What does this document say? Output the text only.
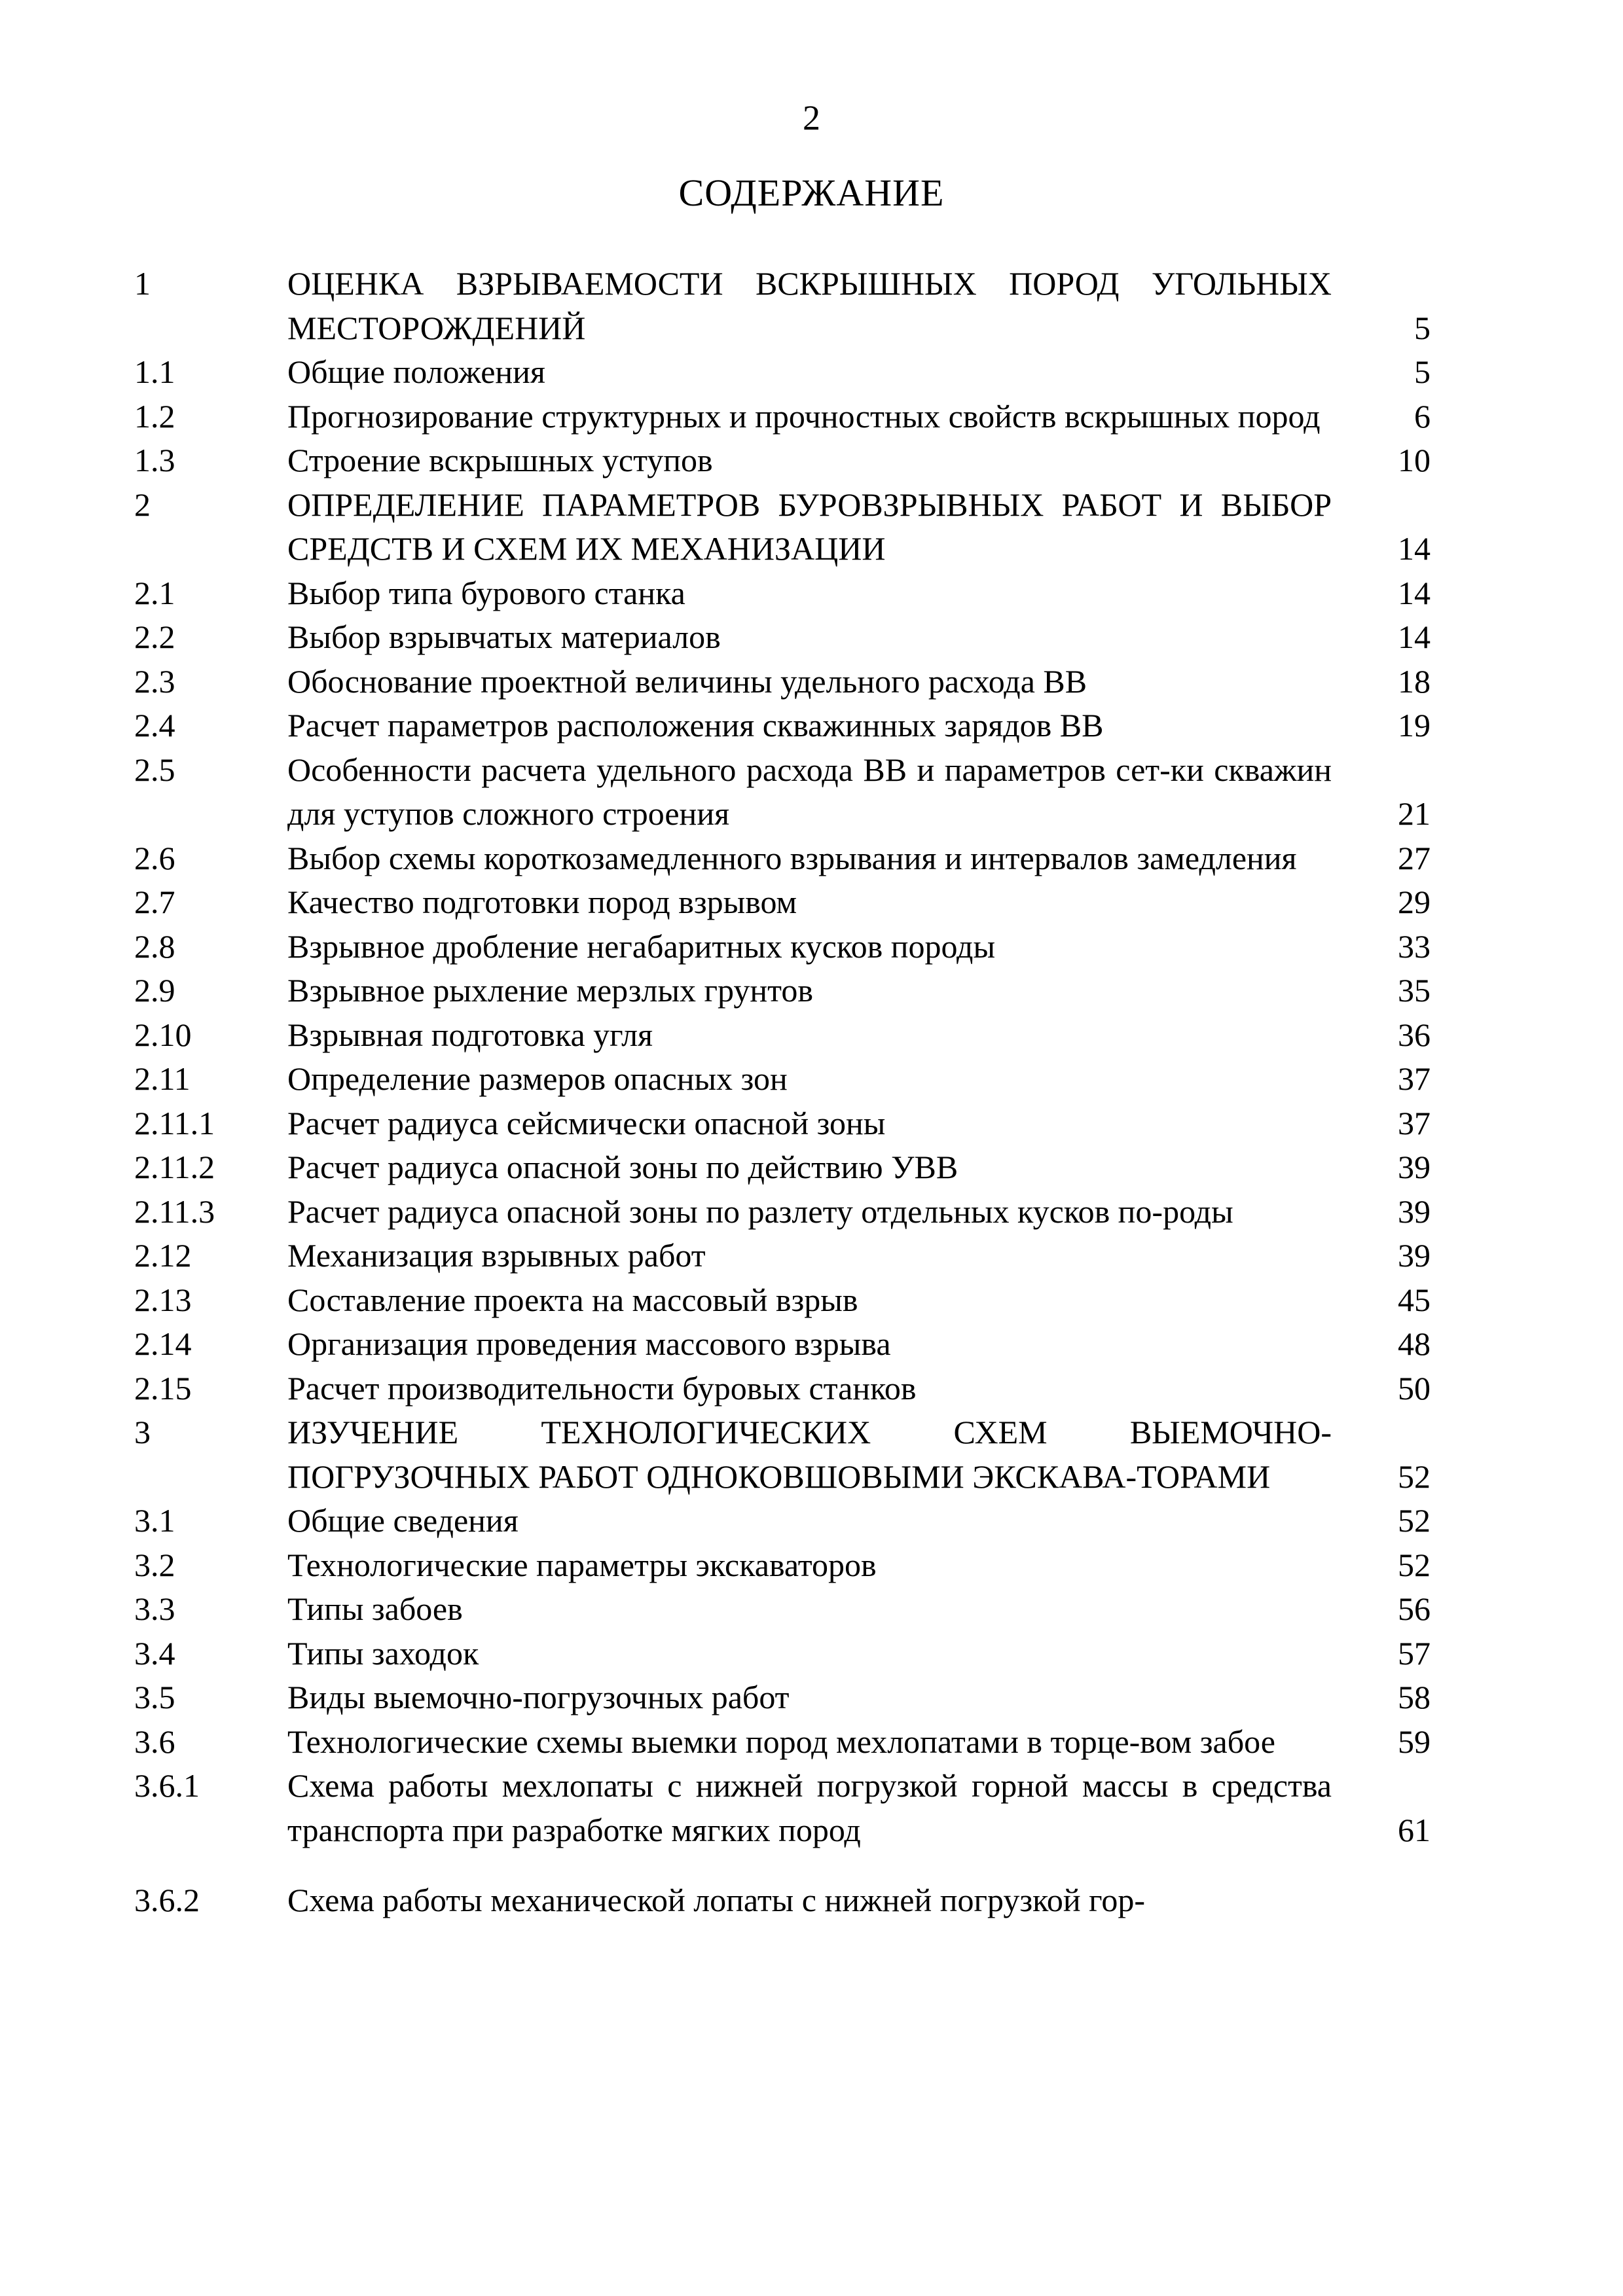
2
СОДЕРЖАНИЕ
1	ОЦЕНКА ВЗРЫВАЕМОСТИ ВСКРЫШНЫХ ПОРОД УГОЛЬНЫХ МЕСТОРОЖДЕНИЙ	5
1.1	Общие положения	5
1.2	Прогнозирование структурных и прочностных свойств вскрышных пород	6
1.3	Строение вскрышных уступов	10
2	ОПРЕДЕЛЕНИЕ ПАРАМЕТРОВ БУРОВЗРЫВНЫХ РАБОТ И ВЫБОР СРЕДСТВ И СХЕМ ИХ МЕХАНИЗАЦИИ	14
2.1	Выбор типа бурового станка	14
2.2	Выбор взрывчатых материалов	14
2.3	Обоснование проектной величины удельного расхода ВВ	18
2.4	Расчет параметров расположения скважинных зарядов ВВ	19
2.5	Особенности расчета удельного расхода ВВ и параметров сет-ки скважин для уступов сложного строения	21
2.6	Выбор схемы короткозамедленного взрывания и интервалов замедления	27
2.7	Качество подготовки пород взрывом	29
2.8	Взрывное дробление негабаритных кусков породы	33
2.9	Взрывное рыхление мерзлых грунтов	35
2.10	Взрывная подготовка угля	36
2.11	Определение размеров опасных зон	37
2.11.1	Расчет радиуса сейсмически опасной зоны	37
2.11.2	Расчет радиуса опасной зоны по действию УВВ	39
2.11.3	Расчет радиуса опасной зоны по разлету отдельных кусков по-роды	39
2.12	Механизация взрывных работ	39
2.13	Составление проекта на массовый взрыв	45
2.14	Организация проведения массового взрыва	48
2.15	Расчет производительности буровых станков	50
3	ИЗУЧЕНИЕ ТЕХНОЛОГИЧЕСКИХ СХЕМ ВЫЕМОЧНО-ПОГРУЗОЧНЫХ РАБОТ ОДНОКОВШОВЫМИ ЭКСКАВА-ТОРАМИ	52
3.1	Общие сведения	52
3.2	Технологические параметры экскаваторов	52
3.3	Типы забоев	56
3.4	Типы заходок	57
3.5	Виды выемочно-погрузочных работ	58
3.6	Технологические схемы выемки пород мехлопатами в торце-вом забое	59
3.6.1	Схема работы мехлопаты с нижней погрузкой горной массы в средства транспорта при разработке мягких пород	61
3.6.2	Схема работы механической лопаты с нижней погрузкой гор-
